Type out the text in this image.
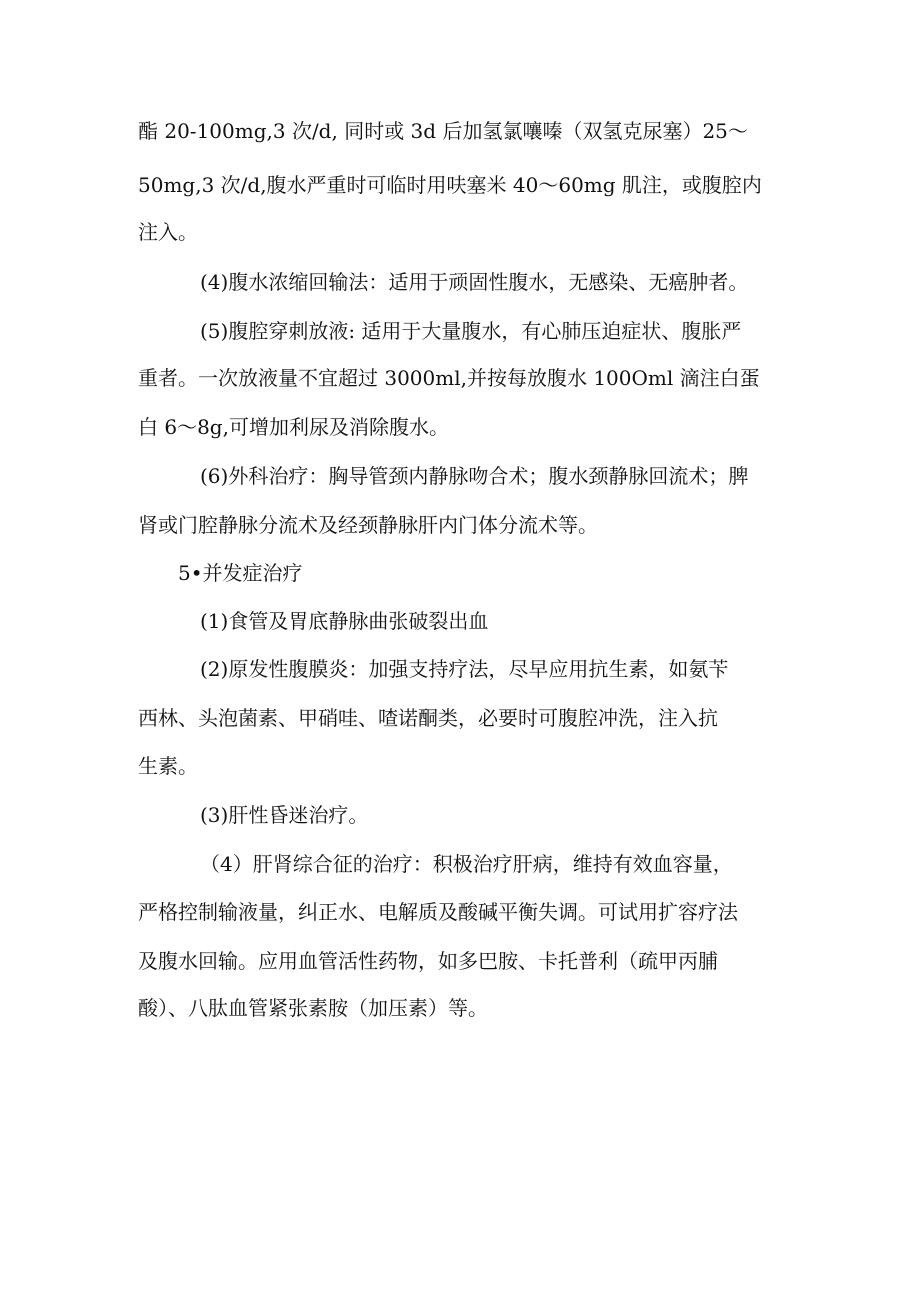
酯 20-100mg,3 次/d, 同时或 3d 后加氢氯嚷嗪（双氢克尿塞）25～
50mg,3 次/d,腹水严重时可临时用呋塞米 40～60mg 肌注，或腹腔内
注入。
(4)腹水浓缩回输法：适用于顽固性腹水，无感染、无癌肿者。
(5)腹腔穿刺放液: 适用于大量腹水，有心肺压迫症状、腹胀严
重者。一次放液量不宜超过 3000ml,并按每放腹水 100Oml 滴注白蛋
白 6～8g,可增加利尿及消除腹水。
(6)外科治疗：胸导管颈内静脉吻合术；腹水颈静脉回流术；脾
肾或门腔静脉分流术及经颈静脉肝内门体分流术等。
5•并发症治疗
(1)食管及胃底静脉曲张破裂出血
(2)原发性腹膜炎：加强支持疗法，尽早应用抗生素，如氨苄
西林、头泡菌素、甲硝哇、喳诺酮类，必要时可腹腔冲洗，注入抗
生素。
(3)肝性昏迷治疗。
（4）肝肾综合征的治疗：积极治疗肝病，维持有效血容量，
严格控制输液量，纠正水、电解质及酸碱平衡失调。可试用扩容疗法
及腹水回输。应用血管活性药物，如多巴胺、卡托普利（疏甲丙脯
酸）、八肽血管紧张素胺（加压素）等。
